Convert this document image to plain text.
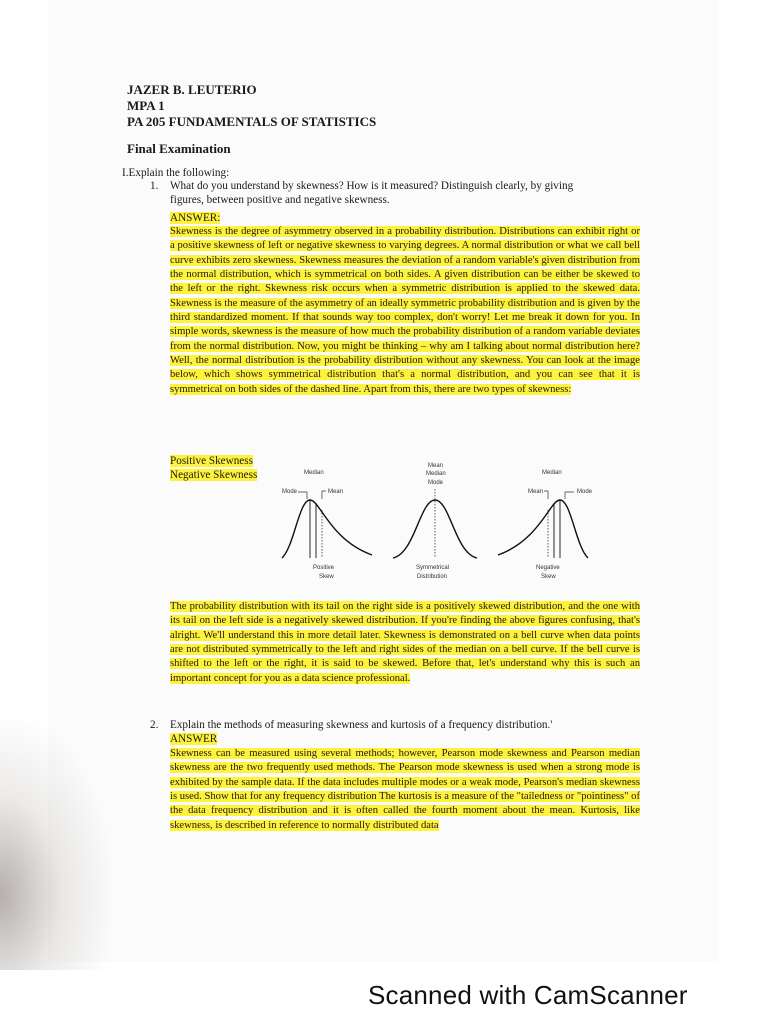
JAZER B. LEUTERIO
MPA 1
PA 205 FUNDAMENTALS OF STATISTICS
Final Examination
I.Explain the following:
1. What do you understand by skewness? How is it measured? Distinguish clearly, by giving
figures, between positive and negative skewness.
ANSWER:
Skewness is the degree of asymmetry observed in a probability distribution. Distributions can exhibit right or a positive skewness of left or negative skewness to varying degrees. A normal distribution or what we call bell curve exhibits zero skewness. Skewness measures the deviation of a random variable's given distribution from the normal distribution, which is symmetrical on both sides. A given distribution can be either be skewed to the left or the right. Skewness risk occurs when a symmetric distribution is applied to the skewed data. Skewness is the measure of the asymmetry of an ideally symmetric probability distribution and is given by the third standardized moment. If that sounds way too complex, don't worry! Let me break it down for you. In simple words, skewness is the measure of how much the probability distribution of a random variable deviates from the normal distribution. Now, you might be thinking – why am I talking about normal distribution here? Well, the normal distribution is the probability distribution without any skewness. You can look at the image below, which shows symmetrical distribution that's a normal distribution, and you can see that it is symmetrical on both sides of the dashed line. Apart from this, there are two types of skewness:
Positive Skewness
Negative Skewness	Median
Mode	Mean
Positive
Skew
Mean
Median
Mode
Symmetrical
Distribution
Median
Mean	Mode
Negative
Skew
The probability distribution with its tail on the right side is a positively skewed distribution, and the one with its tail on the left side is a negatively skewed distribution. If you're finding the above figures confusing, that's alright. We'll understand this in more detail later. Skewness is demonstrated on a bell curve when data points are not distributed symmetrically to the left and right sides of the median on a bell curve. If the bell curve is shifted to the left or the right, it is said to be skewed. Before that, let's understand why this is such an important concept for you as a data science professional.
2. Explain the methods of measuring skewness and kurtosis of a frequency distribution.'
ANSWER
Skewness can be measured using several methods; however, Pearson mode skewness and Pearson median skewness are the two frequently used methods. The Pearson mode skewness is used when a strong mode is exhibited by the sample data. If the data includes multiple modes or a weak mode, Pearson's median skewness is used. Show that for any frequency distribution The kurtosis is a measure of the "tailedness or "pointiness" of the data frequency distribution and it is often called the fourth moment about the mean. Kurtosis, like skewness, is described in reference to normally distributed data
Scanned with CamScanner
